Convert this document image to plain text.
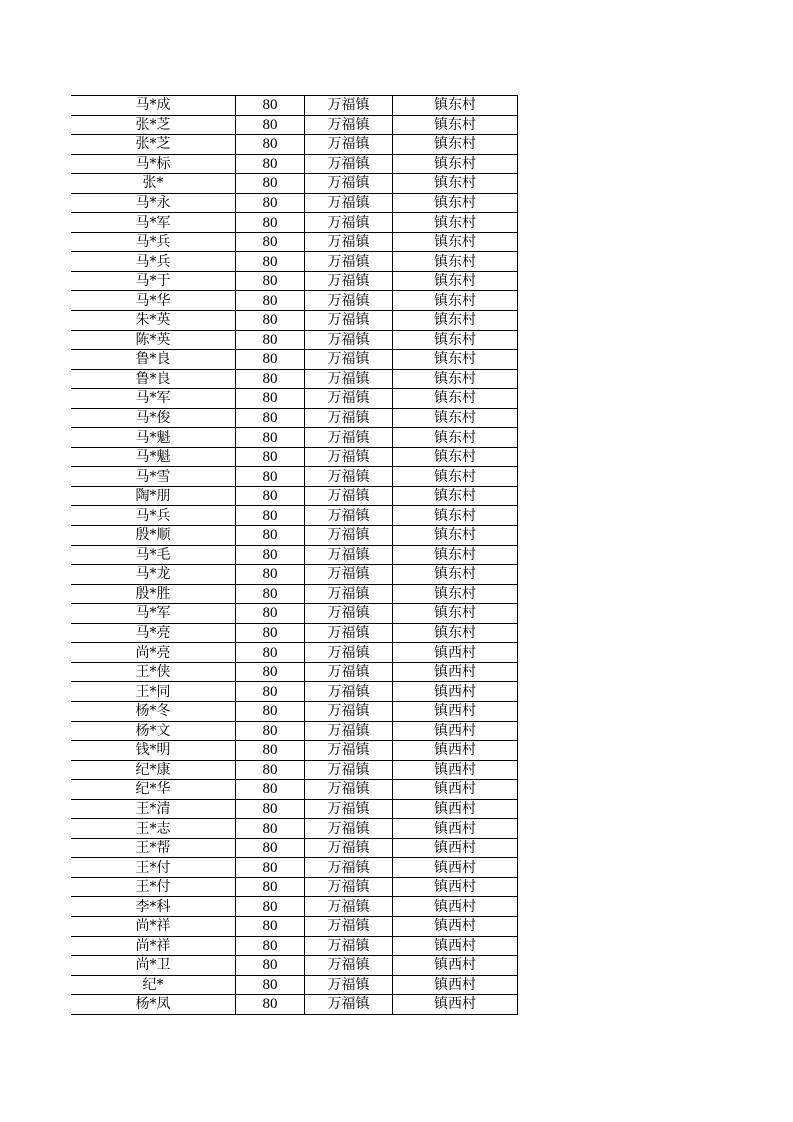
马*成	80	万福镇	镇东村
张*芝	80	万福镇	镇东村
张*芝	80	万福镇	镇东村
马*标	80	万福镇	镇东村
张*	80	万福镇	镇东村
马*永	80	万福镇	镇东村
马*军	80	万福镇	镇东村
马*兵	80	万福镇	镇东村
马*兵	80	万福镇	镇东村
马*于	80	万福镇	镇东村
马*华	80	万福镇	镇东村
朱*英	80	万福镇	镇东村
陈*英	80	万福镇	镇东村
鲁*良	80	万福镇	镇东村
鲁*良	80	万福镇	镇东村
马*军	80	万福镇	镇东村
马*俊	80	万福镇	镇东村
马*魁	80	万福镇	镇东村
马*魁	80	万福镇	镇东村
马*雪	80	万福镇	镇东村
陶*朋	80	万福镇	镇东村
马*兵	80	万福镇	镇东村
殷*顺	80	万福镇	镇东村
马*毛	80	万福镇	镇东村
马*龙	80	万福镇	镇东村
殷*胜	80	万福镇	镇东村
马*军	80	万福镇	镇东村
马*亮	80	万福镇	镇东村
尚*亮	80	万福镇	镇西村
王*侠	80	万福镇	镇西村
王*同	80	万福镇	镇西村
杨*冬	80	万福镇	镇西村
杨*文	80	万福镇	镇西村
钱*明	80	万福镇	镇西村
纪*康	80	万福镇	镇西村
纪*华	80	万福镇	镇西村
王*清	80	万福镇	镇西村
王*志	80	万福镇	镇西村
王*帮	80	万福镇	镇西村
王*付	80	万福镇	镇西村
王*付	80	万福镇	镇西村
李*科	80	万福镇	镇西村
尚*祥	80	万福镇	镇西村
尚*祥	80	万福镇	镇西村
尚*卫	80	万福镇	镇西村
纪*	80	万福镇	镇西村
杨*凤	80	万福镇	镇西村
